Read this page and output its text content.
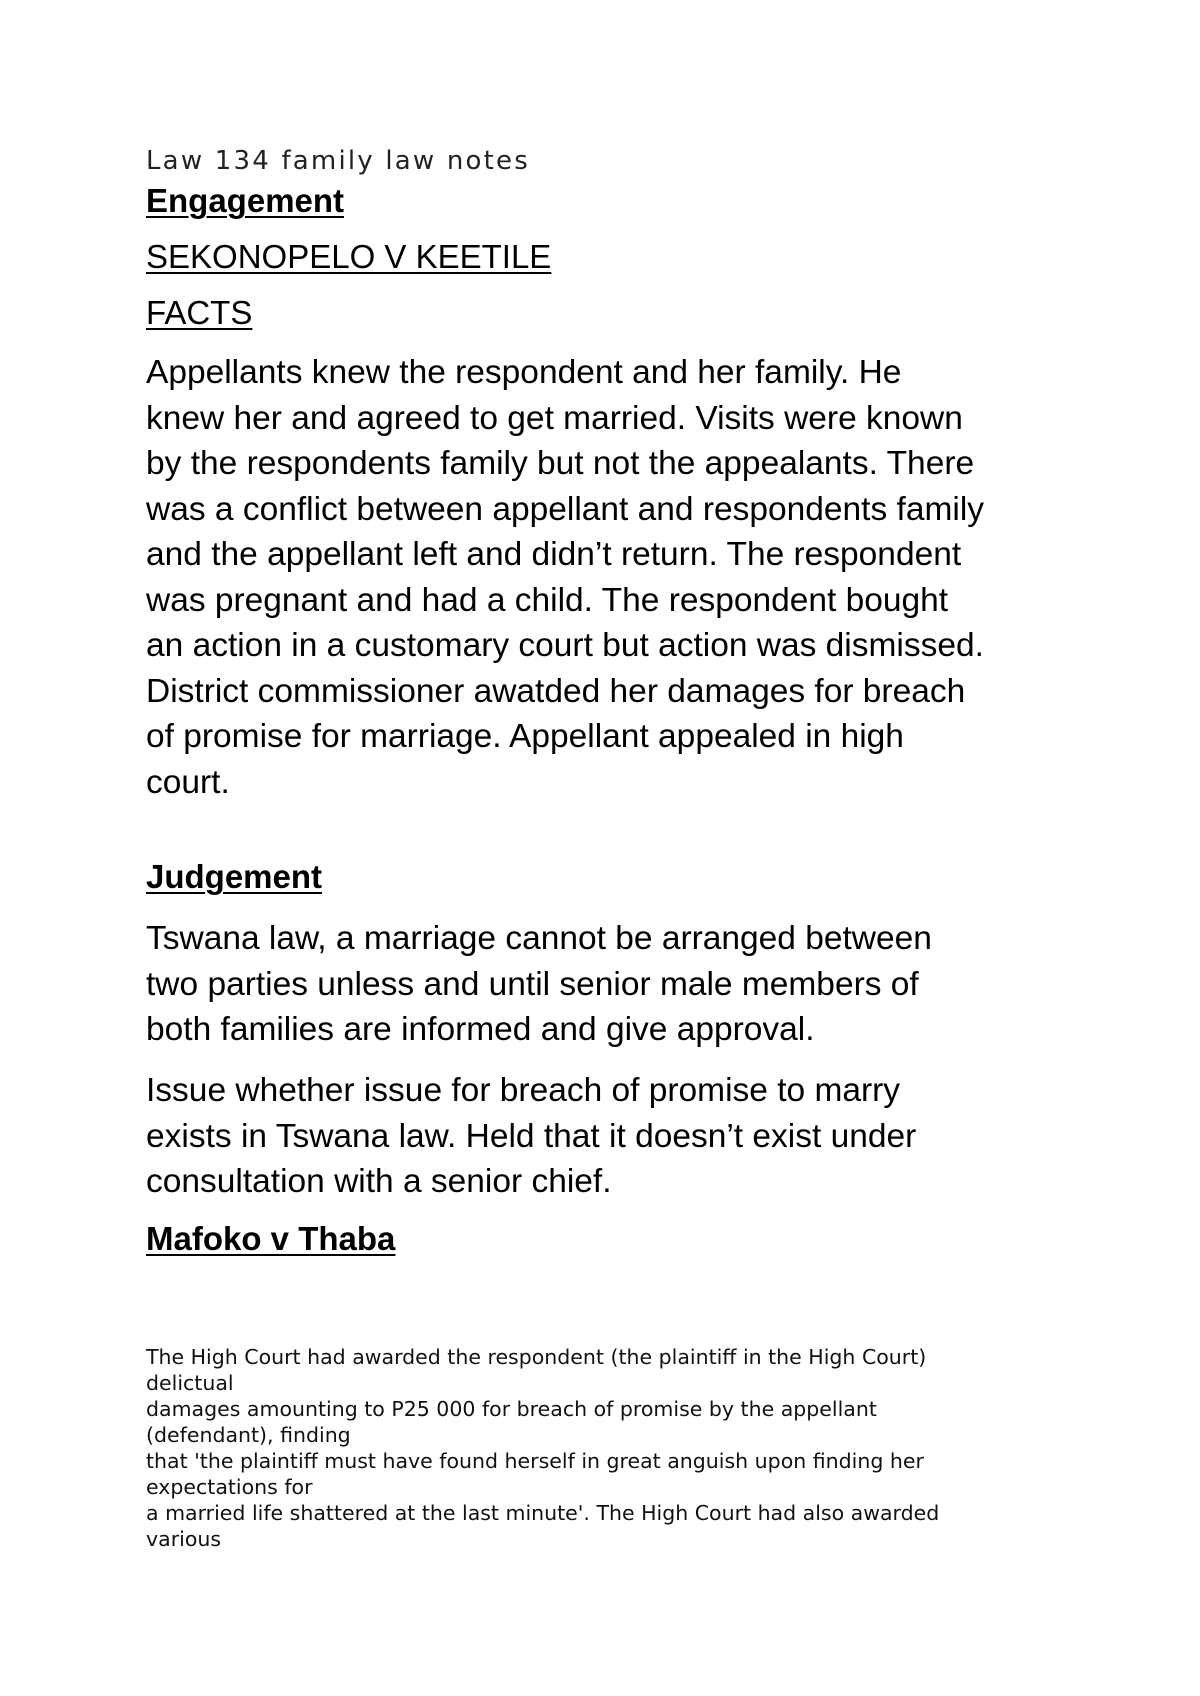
Law 134 family law notes

Engagement
SEKONOPELO V KEETILE
FACTS
Appellants knew the respondent and her family. He
knew her and agreed to get married. Visits were known
by the respondents family but not the appealants. There
was a conflict between appellant and respondents family
and the appellant left and didn’t return. The respondent
was pregnant and had a child. The respondent bought
an action in a customary court but action was dismissed.
District commissioner awatded her damages for breach
of promise for marriage. Appellant appealed in high
court.
Judgement
Tswana law, a marriage cannot be arranged between
two parties unless and until senior male members of
both families are informed and give approval.
Issue whether issue for breach of promise to marry
exists in Tswana law. Held that it doesn’t exist under
consultation with a senior chief.
Mafoko v Thaba
The High Court had awarded the respondent (the plaintiff in the High Court)
delictual
damages amounting to P25 000 for breach of promise by the appellant
(defendant), finding
that 'the plaintiff must have found herself in great anguish upon finding her
expectations for
a married life shattered at the last minute'. The High Court had also awarded
various
